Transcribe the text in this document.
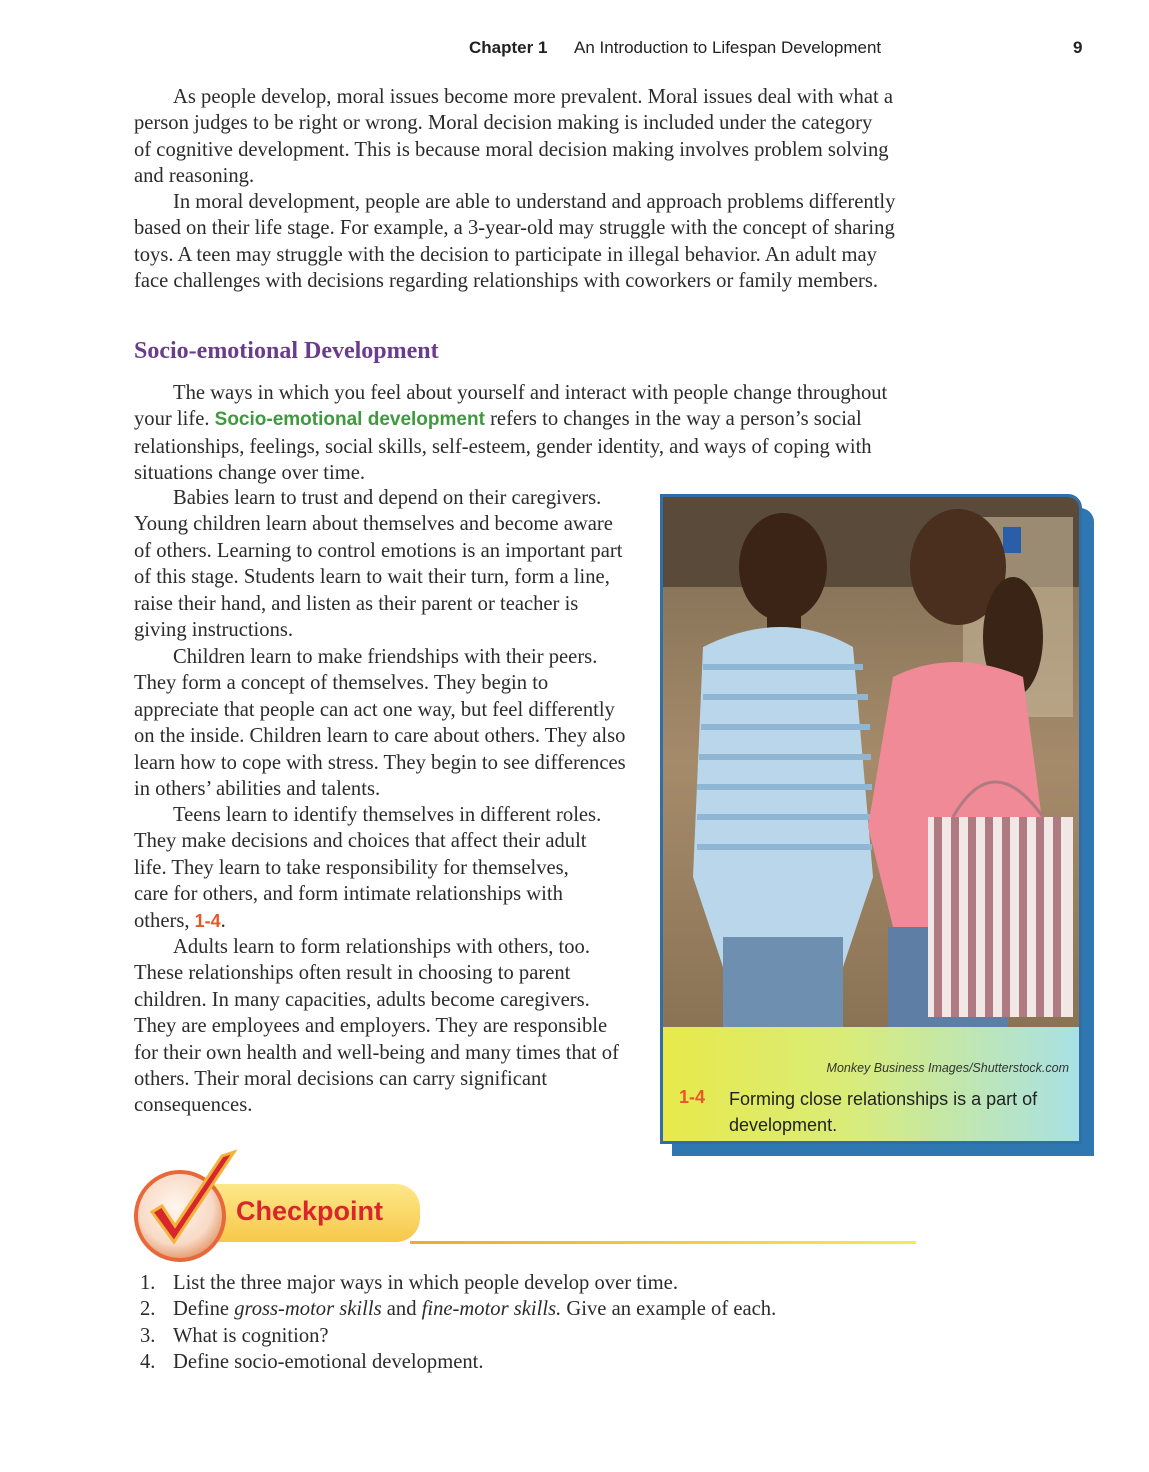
Chapter 1 An Introduction to Lifespan Development	9

As people develop, moral issues become more prevalent. Moral issues deal with what a person judges to be right or wrong. Moral decision making is included under the category of cognitive development. This is because moral decision making involves problem solving and reasoning.

In moral development, people are able to understand and approach problems differently based on their life stage. For example, a 3-year-old may struggle with the concept of sharing toys. A teen may struggle with the decision to participate in illegal behavior. An adult may face challenges with decisions regarding relationships with coworkers or family members.

Socio-emotional Development

The ways in which you feel about yourself and interact with people change throughout your life. Socio-emotional development refers to changes in the way a person’s social relationships, feelings, social skills, self-esteem, gender identity, and ways of coping with situations change over time.

Babies learn to trust and depend on their caregivers. Young children learn about themselves and become aware of others. Learning to control emotions is an important part of this stage. Students learn to wait their turn, form a line, raise their hand, and listen as their parent or teacher is giving instructions.

Children learn to make friendships with their peers. They form a concept of themselves. They begin to appreciate that people can act one way, but feel differently on the inside. Children learn to care about others. They also learn how to cope with stress. They begin to see differences in others’ abilities and talents.

Teens learn to identify themselves in different roles. They make decisions and choices that affect their adult life. They learn to take responsibility for themselves, care for others, and form intimate relationships with others, 1-4.

Adults learn to form relationships with others, too. These relationships often result in choosing to parent children. In many capacities, adults become caregivers. They are employees and employers. They are responsible for their own health and well-being and many times that of others. Their moral decisions can carry significant consequences.

Monkey Business Images/Shutterstock.com
1-4 Forming close relationships is a part of development.
Checkpoint
1. List the three major ways in which people develop over time.
2. Define gross-motor skills and fine-motor skills. Give an example of each.
3. What is cognition?
4. Define socio-emotional development.
